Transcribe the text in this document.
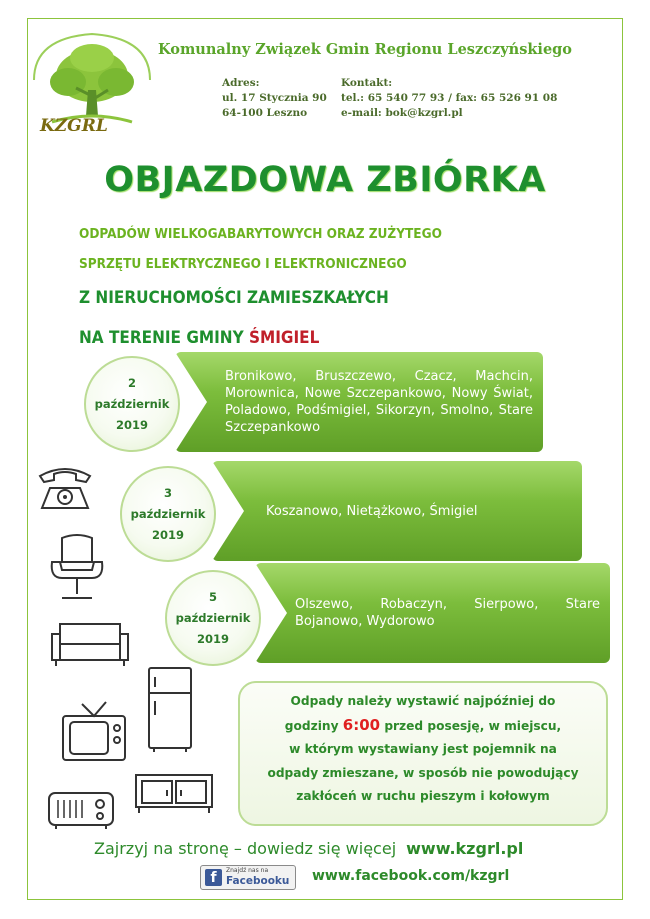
KZGRL
Komunalny Związek Gmin Regionu Leszczyńskiego
Adres:
ul. 17 Stycznia 90
64-100 Leszno
Kontakt:
tel.: 65 540 77 93 / fax: 65 526 91 08
e-mail: bok@kzgrl.pl
OBJAZDOWA ZBIÓRKA
ODPADÓW WIELKOGABARYTOWYCH ORAZ ZUŻYTEGO
SPRZĘTU ELEKTRYCZNEGO I ELEKTRONICZNEGO
Z NIERUCHOMOŚCI ZAMIESZKAŁYCH
NA TERENIE GMINY ŚMIGIEL
Bronikowo, Bruszczewo, Czacz, Machcin, Morownica, Nowe Szczepankowo, Nowy Świat, Poladowo, Podśmigiel, Sikorzyn, Smolno, Stare Szczepankowo
2
październik
2019
Koszanowo, Nietążkowo, Śmigiel
3
październik
2019
Olszewo, Robaczyn, Sierpowo, Stare Bojanowo, Wydorowo
5
październik
2019
Odpady należy wystawić najpóźniej do
godziny 6:00 przed posesję, w miejscu,
w którym wystawiany jest pojemnik na
odpady zmieszane, w sposób nie powodujący
zakłóceń w ruchu pieszym i kołowym
Zajrzyj na stronę – dowiedz się więcej www.kzgrl.pl
f	Znajdź nas na
Facebooku www.facebook.com/kzgrl
